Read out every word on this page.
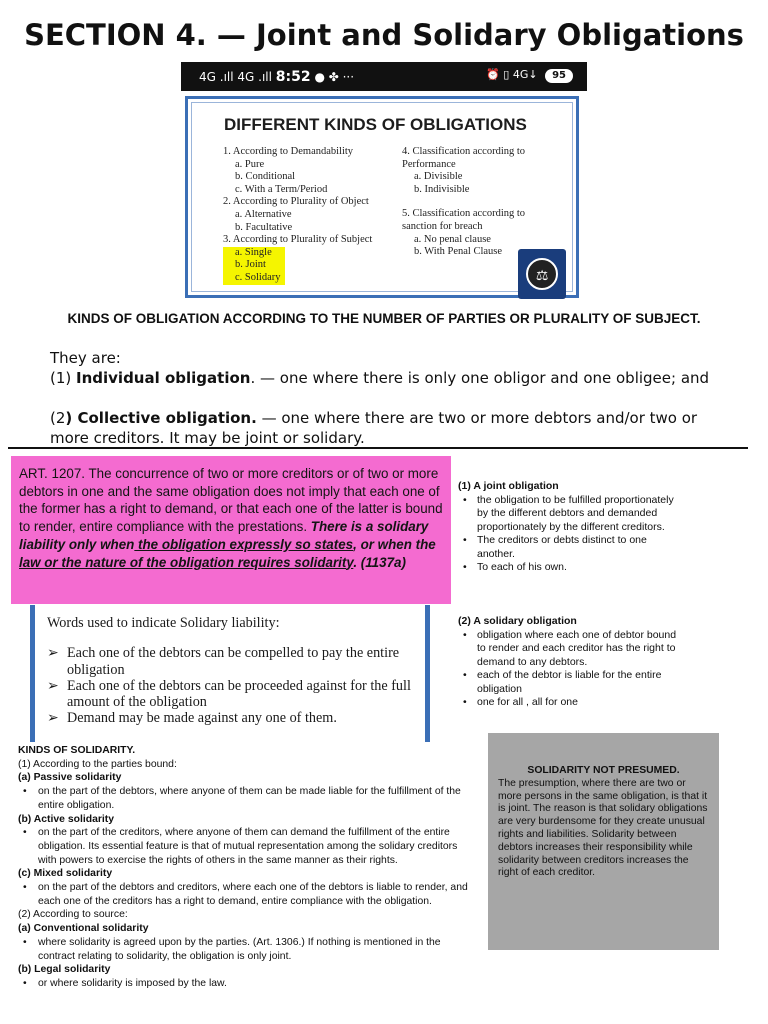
SECTION 4. — Joint and Solidary Obligations
4G .ıll 4G .ıll 8:52 ● ✤ ···	⏰ ▯ 4G↓ 95
DIFFERENT KINDS OF OBLIGATIONS
1. According to Demandability
a. Pure
b. Conditional
c. With a Term/Period
2. According to Plurality of Object
a. Alternative
b. Facultative
3. According to Plurality of Subject
a. Single
b. Joint
c. Solidary
4. Classification according to
Performance
a. Divisible
b. Indivisible
5. Classification according to
sanction for breach
a. No penal clause
b. With Penal Clause
⚖
KINDS OF OBLIGATION ACCORDING TO THE NUMBER OF PARTIES OR PLURALITY OF SUBJECT.
They are:
(1) Individual obligation. — one where there is only one obligor and one obligee; and
(2) Collective obligation. — one where there are two or more debtors and/or two or more creditors. It may be joint or solidary.
ART. 1207. The concurrence of two or more creditors or of two or more debtors in one and the same obligation does not imply that each one of the former has a right to demand, or that each one of the latter is bound to render, entire compliance with the prestations. There is a solidary liability only when the obligation expressly so states, or when the law or the nature of the obligation requires solidarity. (1137a)
Words used to indicate Solidary liability:
➢ Each one of the debtors can be compelled to pay the entire obligation
➢ Each one of the debtors can be proceeded against for the full amount of the obligation
➢ Demand may be made against any one of them.
(1) A joint obligation
• the obligation to be fulfilled proportionately by the different debtors and demanded proportionately by the different creditors.
• The creditors or debts distinct to one another.
• To each of his own.
(2) A solidary obligation
• obligation where each one of debtor bound to render and each creditor has the right to demand to any debtors.
• each of the debtor is liable for the entire obligation
• one for all , all for one
KINDS OF SOLIDARITY.
(1) According to the parties bound:
(a) Passive solidarity
• on the part of the debtors, where anyone of them can be made liable for the fulfillment of the entire obligation.
(b) Active solidarity
• on the part of the creditors, where anyone of them can demand the fulfillment of the entire obligation. Its essential feature is that of mutual representation among the solidary creditors with powers to exercise the rights of others in the same manner as their rights.
(c) Mixed solidarity
• on the part of the debtors and creditors, where each one of the debtors is liable to render, and each one of the creditors has a right to demand, entire compliance with the obligation.
(2) According to source:
(a) Conventional solidarity
• where solidarity is agreed upon by the parties. (Art. 1306.) If nothing is mentioned in the contract relating to solidarity, the obligation is only joint.
(b) Legal solidarity
• or where solidarity is imposed by the law.
SOLIDARITY NOT PRESUMED.
The presumption, where there are two or more persons in the same obligation, is that it is joint. The reason is that solidary obligations are very burdensome for they create unusual rights and liabilities. Solidarity between debtors increases their responsibility while solidarity between creditors increases the right of each creditor.
